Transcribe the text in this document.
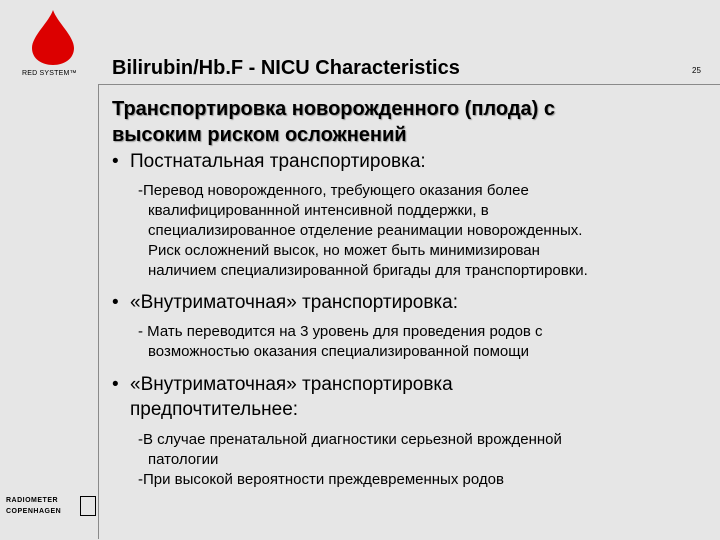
RED SYSTEM™ Bilirubin/Hb.F - NICU Characteristics	25
Транспортировка новорожденного (плода) с
высоким риском осложнений
• Постнатальная транспортировка:
-Перевод новорожденного, требующего оказания более
квалифицированнной интенсивной поддержки, в
специализированное отделение реанимации новорожденных.
Риск осложнений высок, но может быть минимизирован
наличием специализированной бригады для транспортировки.
• «Внутриматочная» транспортировка:
- Мать переводится на 3 уровень для проведения родов с
возможностью оказания специализированной помощи
• «Внутриматочная» транспортировка
предпочтительнее:
-В случае пренатальной диагностики серьезной врожденной
патологии
-При высокой вероятности преждевременных родов
RADIOMETER
COPENHAGEN
